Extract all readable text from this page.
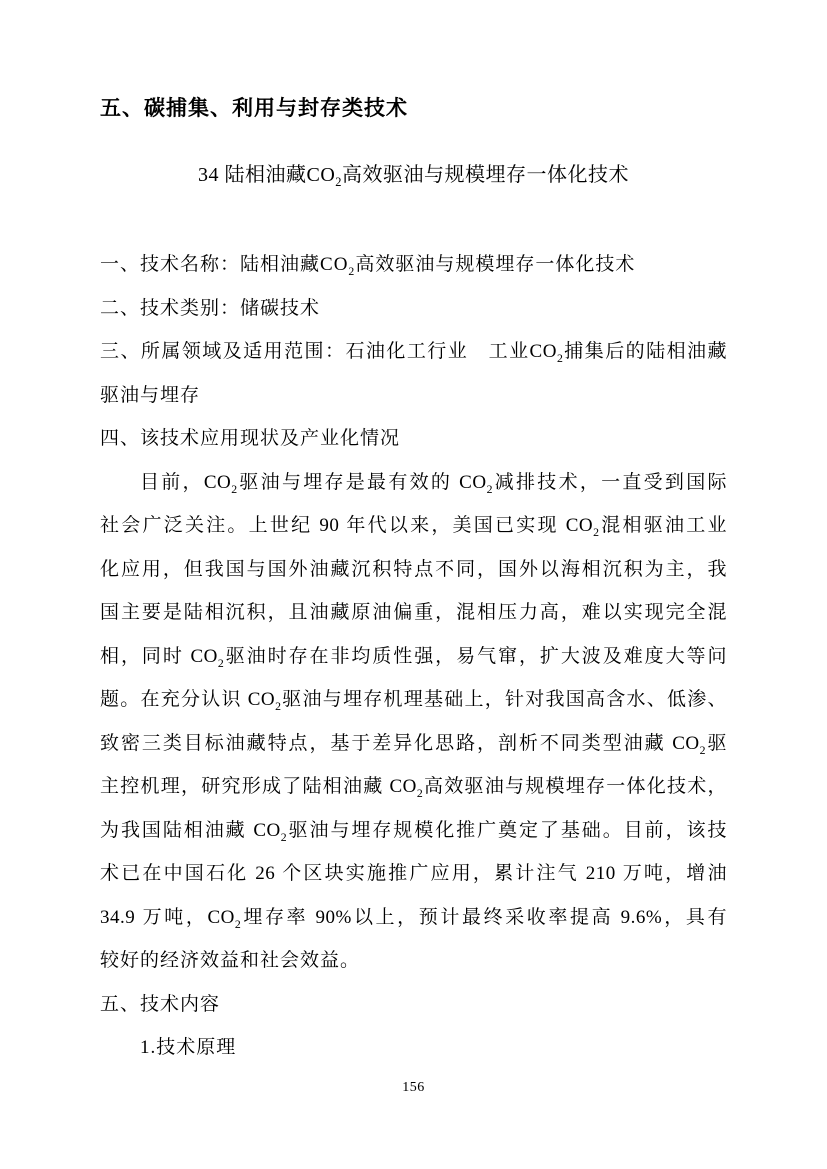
五、碳捕集、利用与封存类技术
34 陆相油藏$CO_2$高效驱油与规模埋存一体化技术
一、技术名称：陆相油藏$CO_2$高效驱油与规模埋存一体化技术
二、技术类别：储碳技术
三、所属领域及适用范围：石油化工行业　工业$CO_2$捕集后的陆相油藏
驱油与埋存
四、该技术应用现状及产业化情况
目前，$CO_2$驱油与埋存是最有效的 $CO_2$减排技术，一直受到国际
社会广泛关注。上世纪 90 年代以来，美国已实现 $CO_2$混相驱油工业
化应用，但我国与国外油藏沉积特点不同，国外以海相沉积为主，我
国主要是陆相沉积，且油藏原油偏重，混相压力高，难以实现完全混
相，同时 $CO_2$驱油时存在非均质性强，易气窜，扩大波及难度大等问
题。在充分认识 $CO_2$驱油与埋存机理基础上，针对我国高含水、低渗、
致密三类目标油藏特点，基于差异化思路，剖析不同类型油藏 $CO_2$驱
主控机理，研究形成了陆相油藏 $CO_2$高效驱油与规模埋存一体化技术，
为我国陆相油藏 $CO_2$驱油与埋存规模化推广奠定了基础。目前，该技
术已在中国石化 26 个区块实施推广应用，累计注气 210 万吨，增油
34.9 万吨，$CO_2$埋存率 90%以上，预计最终采收率提高 9.6%，具有
较好的经济效益和社会效益。
五、技术内容
1.技术原理
156
